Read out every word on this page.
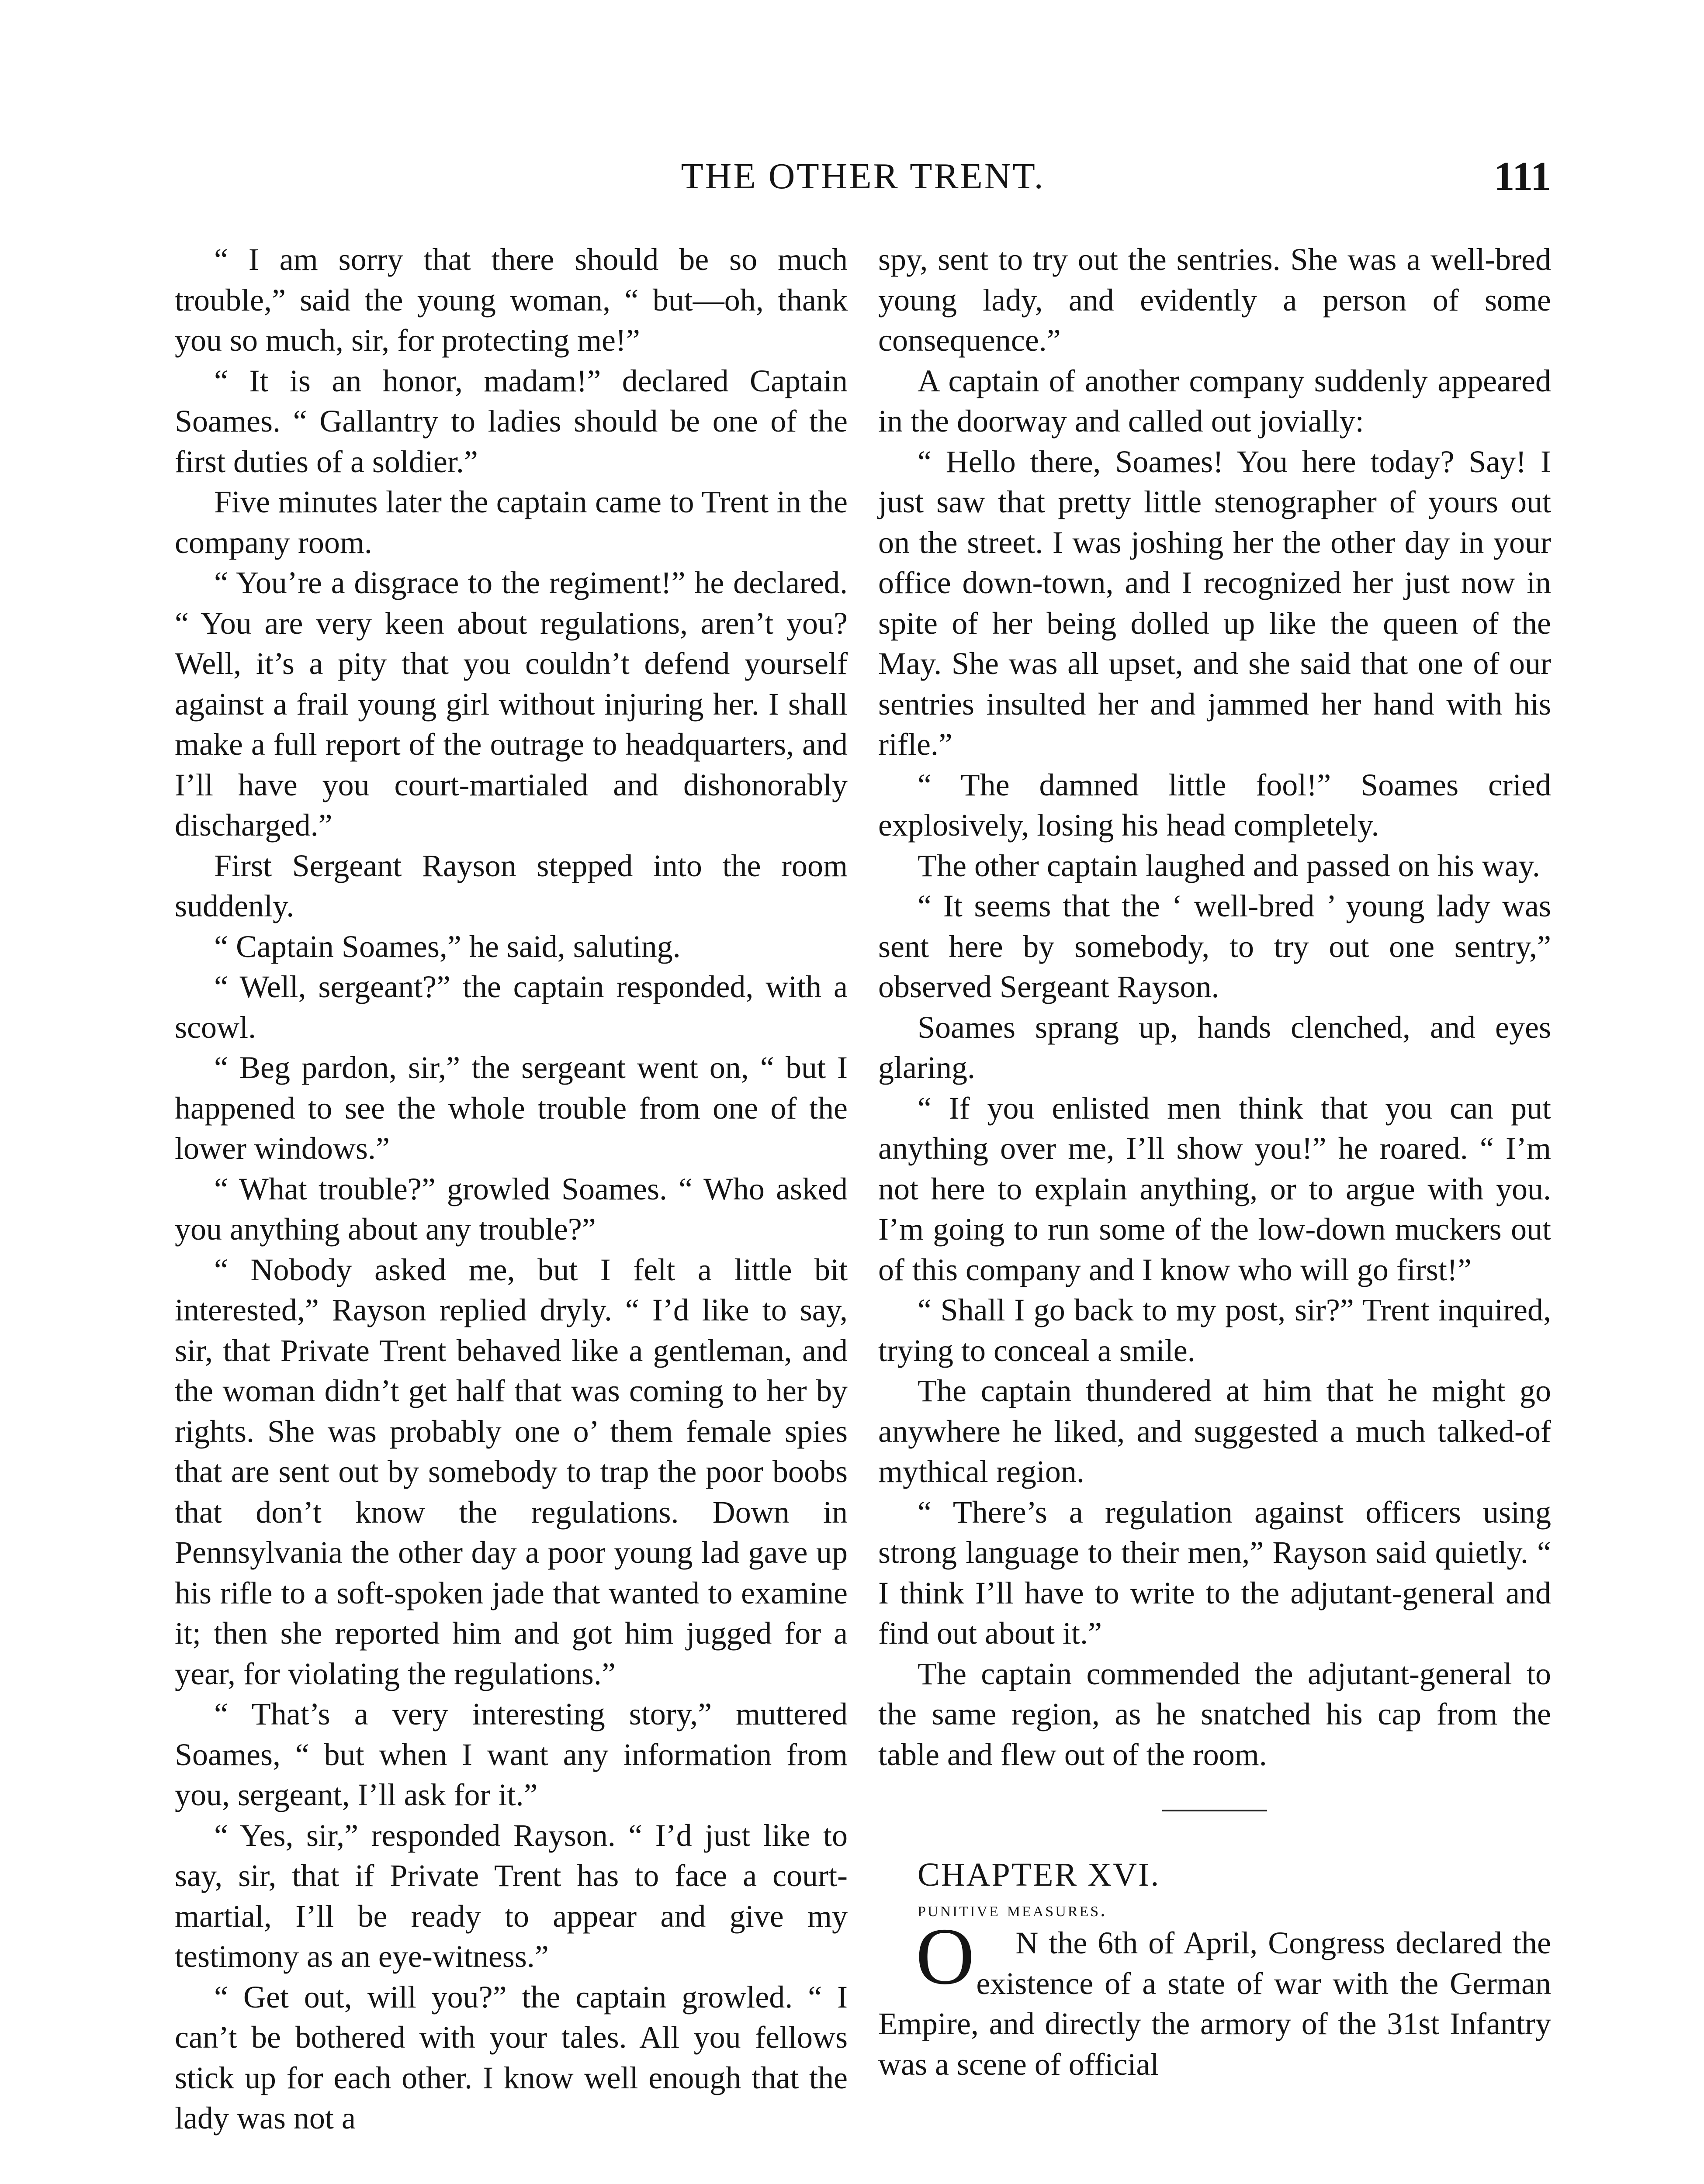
THE OTHER TRENT.	111

“ I am sorry that there should be so much trouble,” said the young woman, “ but—oh, thank you so much, sir, for protecting me!”

“ It is an honor, madam!” declared Captain Soames. “ Gallantry to ladies should be one of the first duties of a soldier.”

Five minutes later the captain came to Trent in the company room.

“ You’re a disgrace to the regiment!” he declared. “ You are very keen about regulations, aren’t you? Well, it’s a pity that you couldn’t defend yourself against a frail young girl without injuring her. I shall make a full report of the outrage to headquarters, and I’ll have you court-martialed and dishonorably discharged.”

First Sergeant Rayson stepped into the room suddenly.

“ Captain Soames,” he said, saluting.

“ Well, sergeant?” the captain responded, with a scowl.

“ Beg pardon, sir,” the sergeant went on, “ but I happened to see the whole trouble from one of the lower windows.”

“ What trouble?” growled Soames. “ Who asked you anything about any trouble?”

“ Nobody asked me, but I felt a little bit interested,” Rayson replied dryly. “ I’d like to say, sir, that Private Trent behaved like a gentleman, and the woman didn’t get half that was coming to her by rights. She was probably one o’ them female spies that are sent out by somebody to trap the poor boobs that don’t know the regulations. Down in Pennsylvania the other day a poor young lad gave up his rifle to a soft-spoken jade that wanted to examine it; then she reported him and got him jugged for a year, for violating the regulations.”

“ That’s a very interesting story,” muttered Soames, “ but when I want any information from you, sergeant, I’ll ask for it.”

“ Yes, sir,” responded Rayson. “ I’d just like to say, sir, that if Private Trent has to face a court-martial, I’ll be ready to appear and give my testimony as an eye-witness.”

“ Get out, will you?” the captain growled. “ I can’t be bothered with your tales. All you fellows stick up for each other. I know well enough that the lady was not a

spy, sent to try out the sentries. She was a well-bred young lady, and evidently a person of some consequence.”

A captain of another company suddenly appeared in the doorway and called out jovially:

“ Hello there, Soames! You here today? Say! I just saw that pretty little stenographer of yours out on the street. I was joshing her the other day in your office down-town, and I recognized her just now in spite of her being dolled up like the queen of the May. She was all upset, and she said that one of our sentries insulted her and jammed her hand with his rifle.”

“ The damned little fool!” Soames cried explosively, losing his head completely.

The other captain laughed and passed on his way.

“ It seems that the ‘ well-bred ’ young lady was sent here by somebody, to try out one sentry,” observed Sergeant Rayson.

Soames sprang up, hands clenched, and eyes glaring.

“ If you enlisted men think that you can put anything over me, I’ll show you!” he roared. “ I’m not here to explain anything, or to argue with you. I’m going to run some of the low-down muckers out of this company and I know who will go first!”

“ Shall I go back to my post, sir?” Trent inquired, trying to conceal a smile.

The captain thundered at him that he might go anywhere he liked, and suggested a much talked-of mythical region.

“ There’s a regulation against officers using strong language to their men,” Rayson said quietly. “ I think I’ll have to write to the adjutant-general and find out about it.”

The captain commended the adjutant-general to the same region, as he snatched his cap from the table and flew out of the room.

CHAPTER XVI.

punitive measures.

O N the 6th of April, Congress declared the existence of a state of war with the German Empire, and directly the armory of the 31st Infantry was a scene of official
